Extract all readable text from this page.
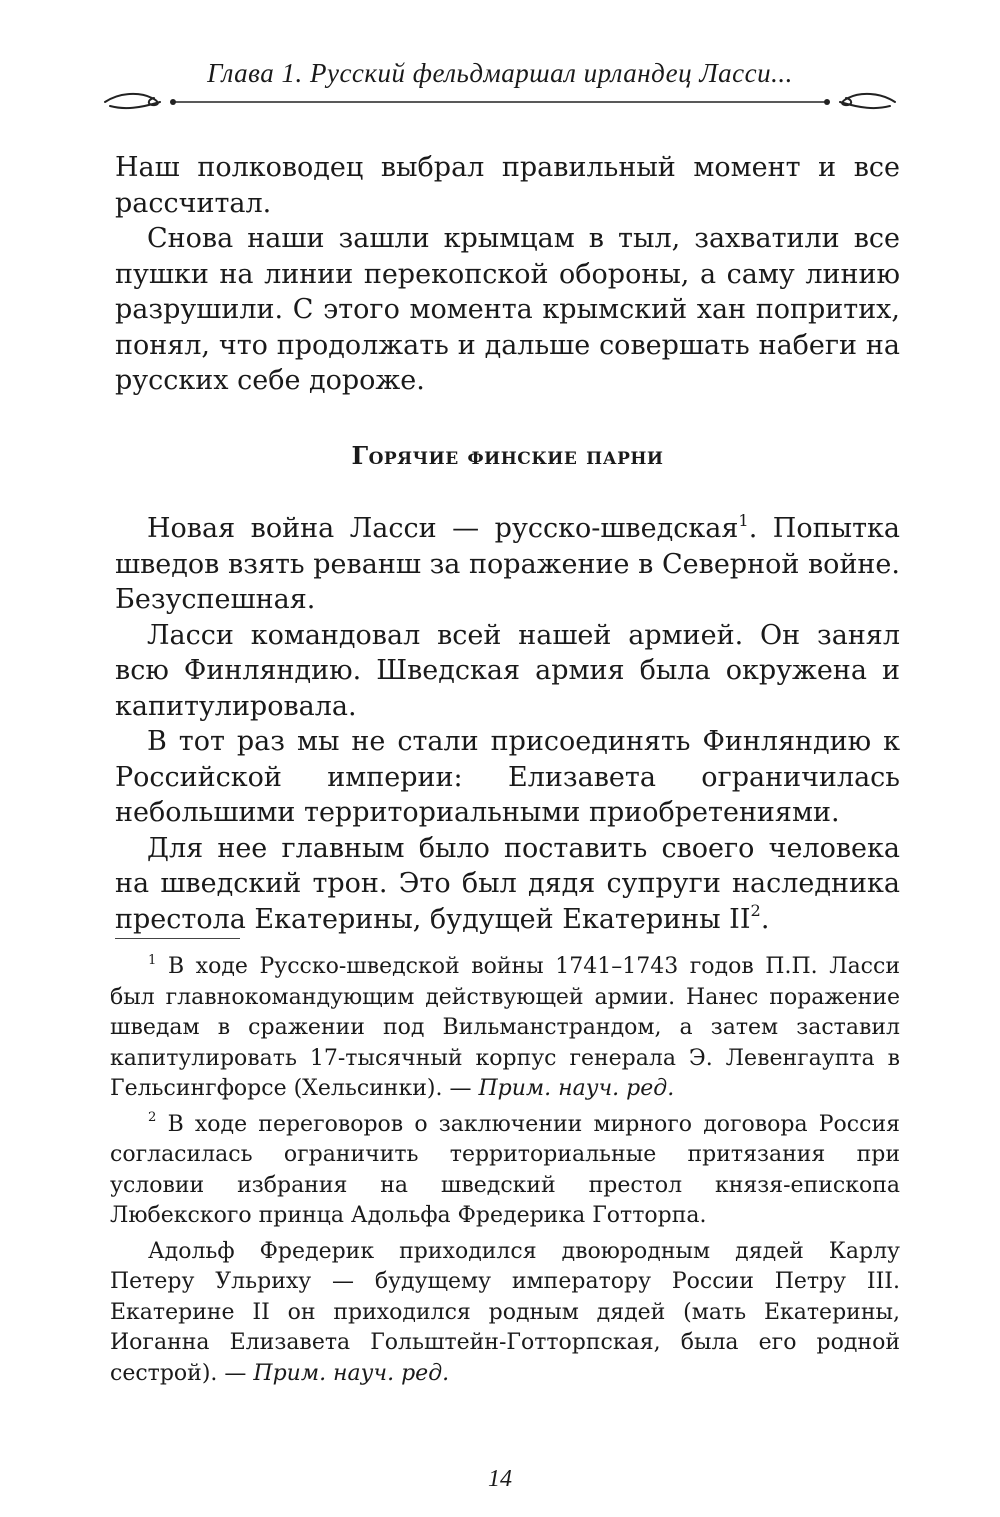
Глава 1. Русский фельдмаршал ирландец Ласси...

Наш полководец выбрал правильный момент и все рассчитал.

Снова наши зашли крымцам в тыл, захватили все пушки на линии перекопской обороны, а саму линию разрушили. С этого момента крымский хан попритих, понял, что продолжать и дальше совершать набеги на русских себе дороже.

Горячие финские парни

Новая война Ласси — русско-шведская$^1$. Попытка шведов взять реванш за поражение в Северной войне. Безуспешная.

Ласси командовал всей нашей армией. Он занял всю Финляндию. Шведская армия была окружена и капитулировала.

В тот раз мы не стали присоединять Финляндию к Российской империи: Елизавета ограничилась небольшими территориальными приобретениями.

Для нее главным было поставить своего человека на шведский трон. Это был дядя супруги наследника престола Екатерины, будущей Екатерины $II^2$.

$^1$ В ходе Русско-шведской войны 1741–1743 годов П.П. Ласси был главнокомандующим действующей армии. Нанес поражение шведам в сражении под Вильманстрандом, а затем заставил капитулировать 17-тысячный корпус генерала Э. Левенгаупта в Гельсингфорсе (Хельсинки). — Прим. науч. ред.

$^2$ В ходе переговоров о заключении мирного договора Россия согласилась ограничить территориальные притязания при условии избрания на шведский престол князя-епископа Любекского принца Адольфа Фредерика Готторпа.

Адольф Фредерик приходился двоюродным дядей Карлу Петеру Ульриху — будущему императору России Петру III. Екатерине II он приходился родным дядей (мать Екатерины, Иоганна Елизавета Гольштейн-Готторпская, была его родной сестрой). — Прим. науч. ред.

14
